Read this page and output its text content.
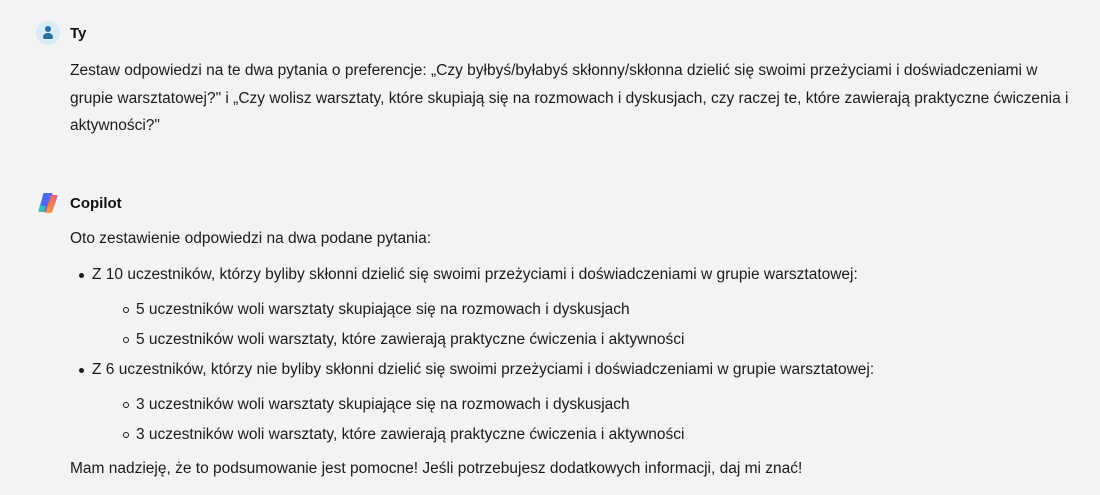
Ty
Zestaw odpowiedzi na te dwa pytania o preferencje: „Czy byłbyś/byłabyś skłonny/skłonna dzielić się swoimi przeżyciami i doświadczeniami w grupie warsztatowej?" i „Czy wolisz warsztaty, które skupiają się na rozmowach i dyskusjach, czy raczej te, które zawierają praktyczne ćwiczenia i aktywności?"
Copilot

Oto zestawienie odpowiedzi na dwa podane pytania:

Z 10 uczestników, którzy byliby skłonni dzielić się swoimi przeżyciami i doświadczeniami w grupie warsztatowej:
5 uczestników woli warsztaty skupiające się na rozmowach i dyskusjach
5 uczestników woli warsztaty, które zawierają praktyczne ćwiczenia i aktywności
Z 6 uczestników, którzy nie byliby skłonni dzielić się swoimi przeżyciami i doświadczeniami w grupie warsztatowej:
3 uczestników woli warsztaty skupiające się na rozmowach i dyskusjach
3 uczestników woli warsztaty, które zawierają praktyczne ćwiczenia i aktywności

Mam nadzieję, że to podsumowanie jest pomocne! Jeśli potrzebujesz dodatkowych informacji, daj mi znać!
